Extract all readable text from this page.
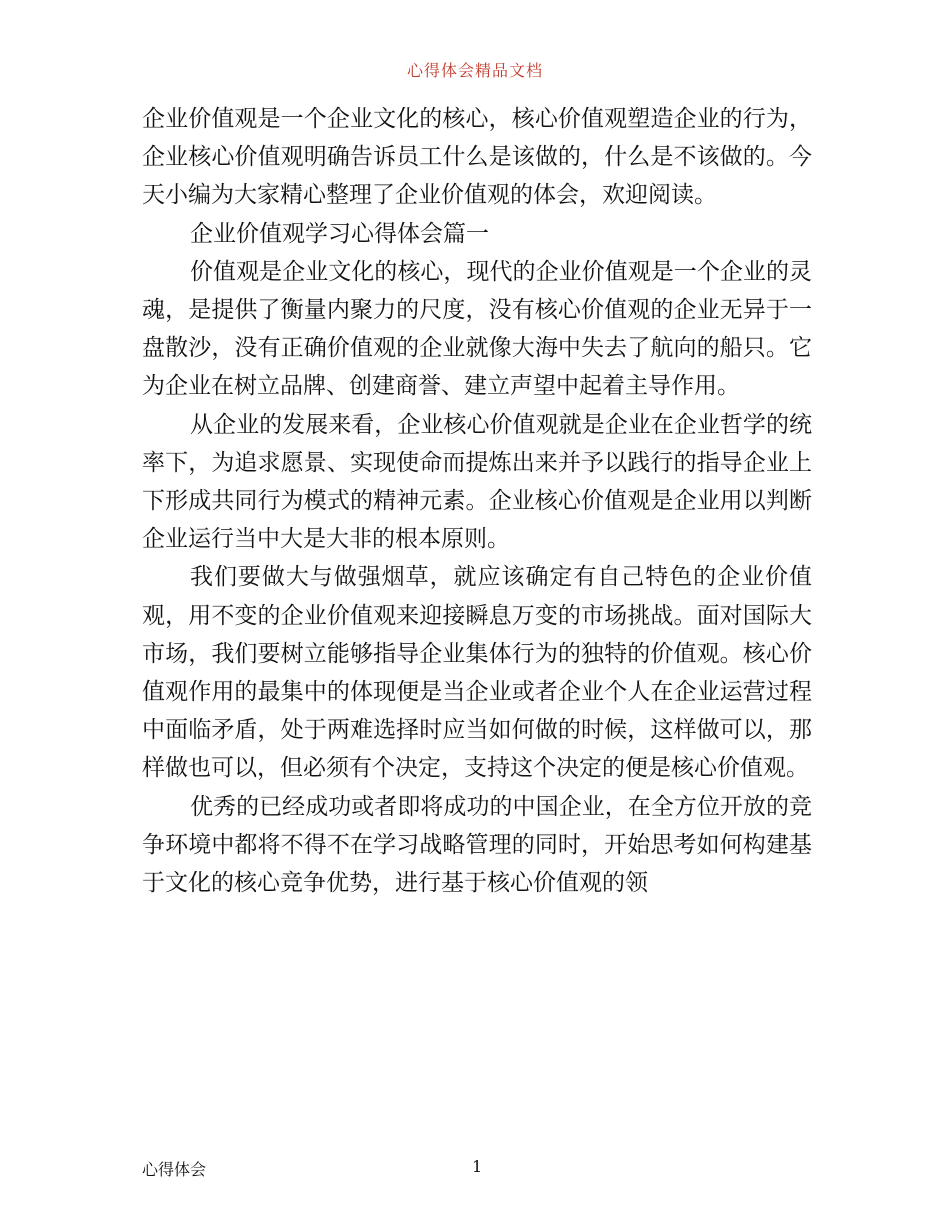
心得体会精品文档

企业价值观是一个企业文化的核心，核心价值观塑造企业的行为， 企业核心价值观明确告诉员工什么是该做的，什么是不该做的。今天小编为大家精心整理了企业价值观的体会，欢迎阅读。

企业价值观学习心得体会篇一

价值观是企业文化的核心，现代的企业价值观是一个企业的灵魂，是提供了衡量内聚力的尺度，没有核心价值观的企业无异于一盘散沙，没有正确价值观的企业就像大海中失去了航向的船只。它为企业在树立品牌、创建商誉、建立声望中起着主导作用。

从企业的发展来看，企业核心价值观就是企业在企业哲学的统率下，为追求愿景、实现使命而提炼出来并予以践行的指导企业上下形成共同行为模式的精神元素。企业核心价值观是企业用以判断企业运行当中大是大非的根本原则。

我们要做大与做强烟草，就应该确定有自己特色的企业价值观，用不变的企业价值观来迎接瞬息万变的市场挑战。面对国际大市场，我们要树立能够指导企业集体行为的独特的价值观。核心价值观作用的最集中的体现便是当企业或者企业个人在企业运营过程中面临矛盾，处于两难选择时应当如何做的时候，这样做可以，那样做也可以，但必须有个决定，支持这个决定的便是核心价值观。

优秀的已经成功或者即将成功的中国企业，在全方位开放的竞争环境中都将不得不在学习战略管理的同时，开始思考如何构建基于文化的核心竞争优势，进行基于核心价值观的领

心得体会	1
